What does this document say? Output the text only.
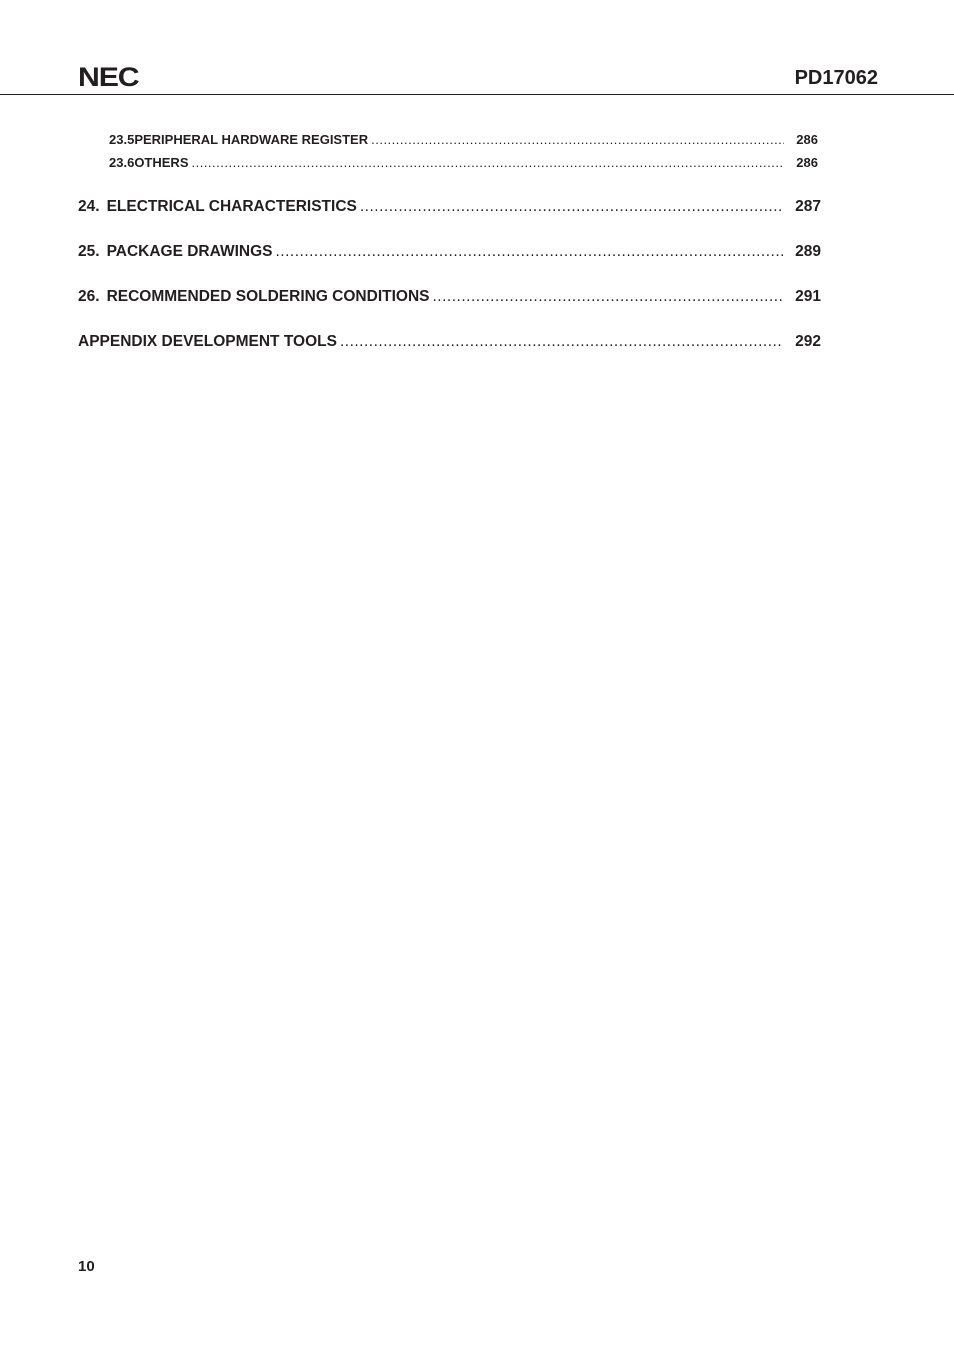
NEC	PD17062
23.5 PERIPHERAL HARDWARE REGISTER .....	286
23.6 OTHERS .....	286
24. ELECTRICAL CHARACTERISTICS .....	287
25. PACKAGE DRAWINGS .....	289
26. RECOMMENDED SOLDERING CONDITIONS .....	291
APPENDIX DEVELOPMENT TOOLS .....	292
10
